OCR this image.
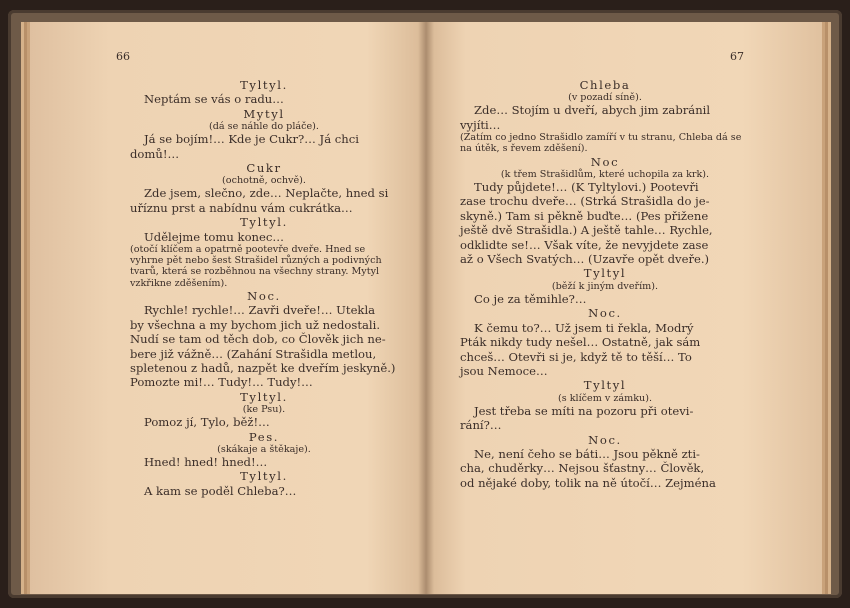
66
Tyltyl.
Neptám se vás o radu…
Mytyl
(dá se náhle do pláče).
Já se bojím!… Kde je Cukr?… Já chci
domů!…
Cukr
(ochotně, ochvě).
Zde jsem, slečno, zde… Neplačte, hned si
uříznu prst a nabídnu vám cukrátka…
Tyltyl.
Udělejme tomu konec…
(otočí klíčem a opatrně pootevře dveře. Hned se vyhrne pět nebo šest Strašidel různých a podivných tvarů, která se rozběhnou na všechny strany. Mytyl vzkřikne zděšením).
Noc.
Rychle! rychle!… Zavři dveře!… Utekla
by všechna a my bychom jich už nedostali.
Nudí se tam od těch dob, co Člověk jich ne-
bere již vážně… (Zahání Strašidla metlou,
spletenou z hadů, nazpět ke dveřím jeskyně.)
Pomozte mi!… Tudy!… Tudy!…
Tyltyl.
(ke Psu).
Pomoz jí, Tylo, běž!…
Pes.
(skákaje a štěkaje).
Hned! hned! hned!…
Tyltyl.
A kam se poděl Chleba?…
67
Chleba
(v pozadí síně).
Zde… Stojím u dveří, abych jim zabránil
vyjíti…
(Zatím co jedno Strašidlo zamíří v tu stranu, Chleba dá se na útěk, s řevem zděšení).
Noc
(k třem Strašidlům, které uchopila za krk).
Tudy půjdete!… (K Tyltylovi.) Pootevři
zase trochu dveře… (Strká Strašidla do je-
skyně.) Tam si pěkně buďte… (Pes přižene
ještě dvě Strašidla.) A ještě tahle… Rychle,
odklidte se!… Však víte, že nevyjdete zase
až o Všech Svatých… (Uzavře opět dveře.)
Tyltyl
(běží k jiným dveřím).
Co je za těmihle?…
Noc.
K čemu to?… Už jsem ti řekla, Modrý
Pták nikdy tudy nešel… Ostatně, jak sám
chceš… Otevři si je, když tě to těší… To
jsou Nemoce…
Tyltyl
(s klíčem v zámku).
Jest třeba se míti na pozoru při otevi-
rání?…
Noc.
Ne, není čeho se báti… Jsou pěkně zti-
cha, chuděrky… Nejsou šťastny… Člověk,
od nějaké doby, tolik na ně útočí… Zejména
